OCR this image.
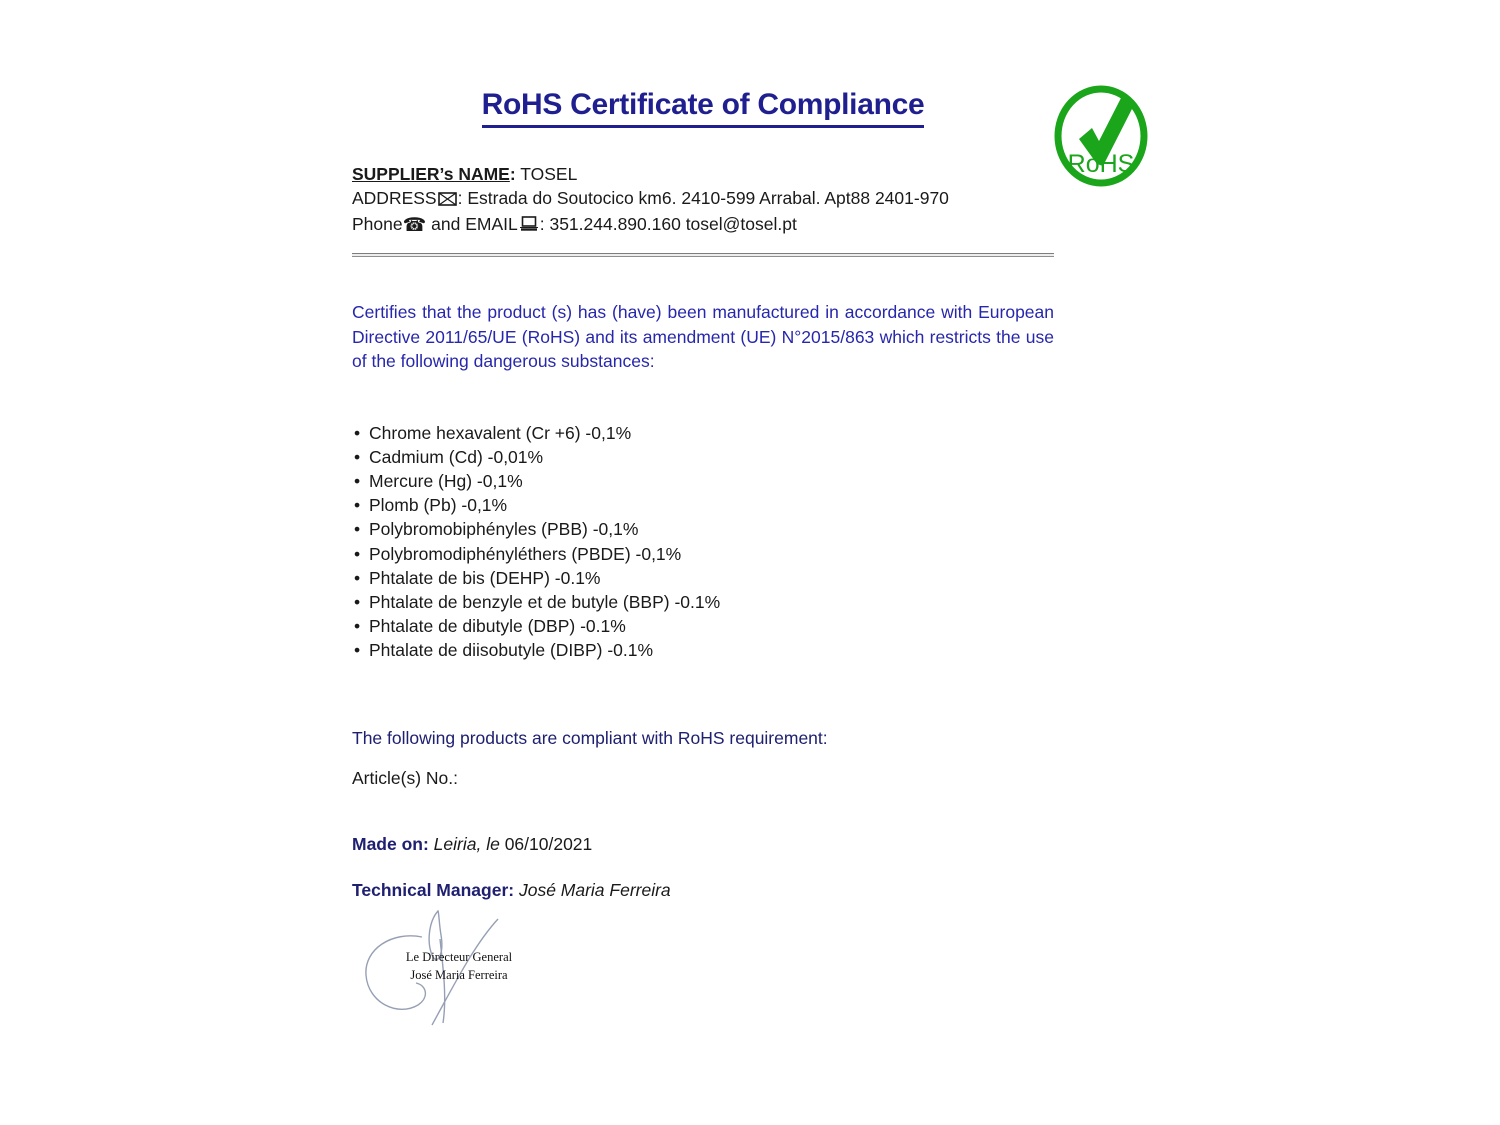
RoHS
RoHS Certificate of Compliance
SUPPLIER’s NAME: TOSEL
ADDRESS : Estrada do Soutocico km6. 2410-599 Arrabal. Apt88 2401-970
Phone☎ and EMAIL : 351.244.890.160 tosel@tosel.pt

Certifies that the product (s) has (have) been manufactured in accordance with European Directive 2011/65/UE (RoHS) and its amendment (UE) N°2015/863 which restricts the use of the following dangerous substances:

• Chrome hexavalent (Cr +6) -0,1%
• Cadmium (Cd) -0,01%
• Mercure (Hg) -0,1%
• Plomb (Pb) -0,1%
• Polybromobiphényles (PBB) -0,1%
• Polybromodiphényléthers (PBDE) -0,1%
• Phtalate de bis (DEHP) -0.1%
• Phtalate de benzyle et de butyle (BBP) -0.1%
• Phtalate de dibutyle (DBP) -0.1%
• Phtalate de diisobutyle (DIBP) -0.1%
The following products are compliant with RoHS requirement:
Article(s) No.:
Made on: Leiria, le 06/10/2021
Technical Manager: José Maria Ferreira
Le Directeur General
José Maria Ferreira
